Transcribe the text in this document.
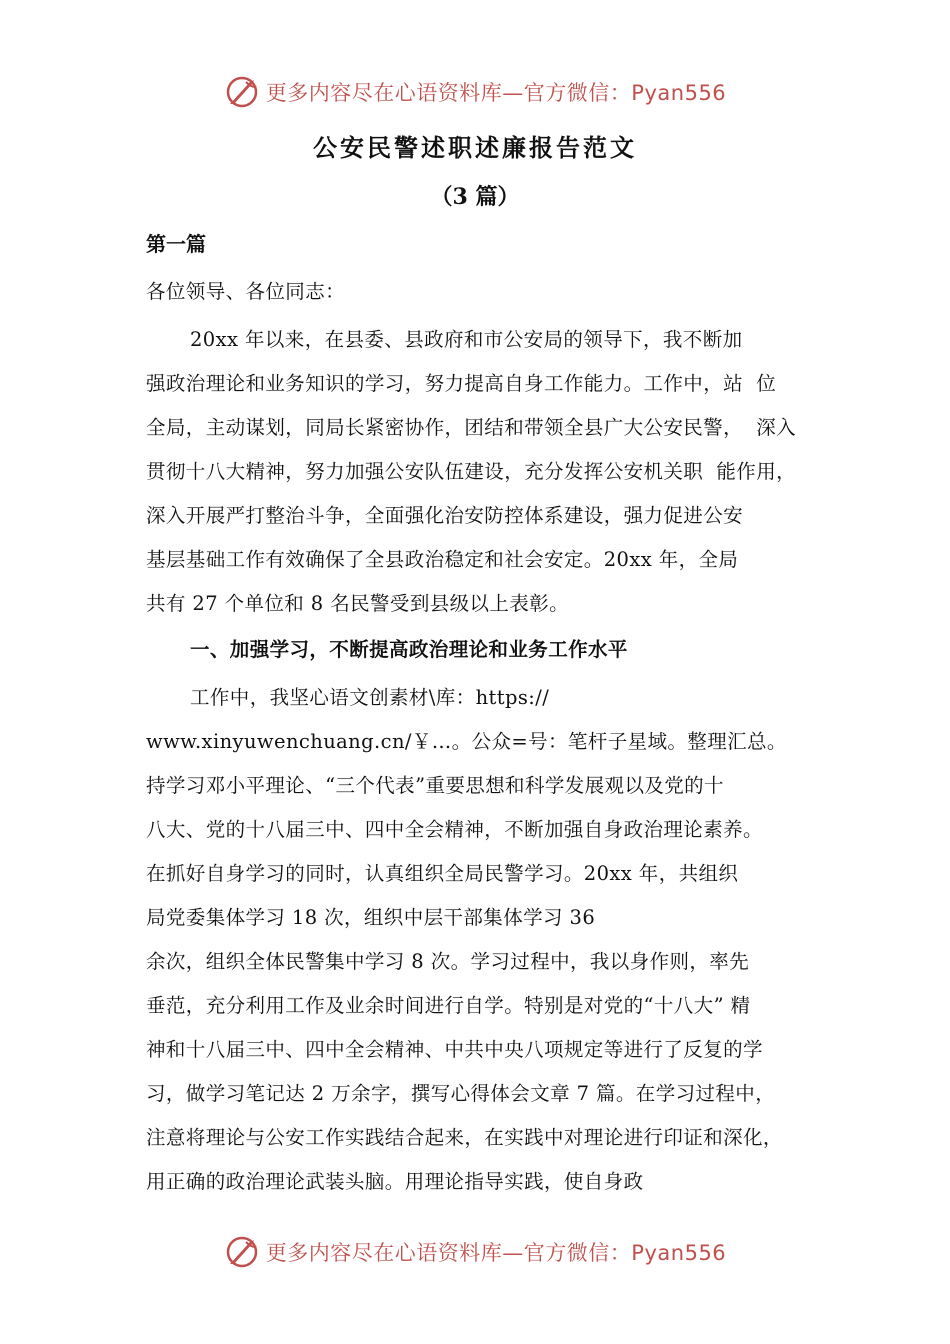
更多内容尽在心语资料库—官方微信：Pyan556
公安民警述职述廉报告范文
（3 篇）
第一篇
各位领导、各位同志：
20xx 年以来，在县委、县政府和市公安局的领导下，我不断加
强政治理论和业务知识的学习，努力提高自身工作能力。工作中，站  位
全局，主动谋划，同局长紧密协作，团结和带领全县广大公安民警，  深入
贯彻十八大精神，努力加强公安队伍建设，充分发挥公安机关职  能作用，
深入开展严打整治斗争，全面强化治安防控体系建设，强力促进公安
基层基础工作有效确保了全县政治稳定和社会安定。20xx 年，全局
共有 27 个单位和 8 名民警受到县级以上表彰。
一、加强学习，不断提高政治理论和业务工作水平
工作中，我坚心语文创素材\库：https://
www.xinyuwenchuang.cn/￥…。公众=号：笔杆子星域。整理汇总。
持学习邓小平理论、“三个代表”重要思想和科学发展观以及党的十
八大、党的十八届三中、四中全会精神，不断加强自身政治理论素养。
在抓好自身学习的同时，认真组织全局民警学习。20xx 年，共组织
局党委集体学习 18 次，组织中层干部集体学习 36
余次，组织全体民警集中学习 8 次。学习过程中，我以身作则，率先
垂范，充分利用工作及业余时间进行自学。特别是对党的“十八大” 精
神和十八届三中、四中全会精神、中共中央八项规定等进行了反复的学
习，做学习笔记达 2 万余字，撰写心得体会文章 7 篇。在学习过程中，
注意将理论与公安工作实践结合起来，在实践中对理论进行印证和深化，
用正确的政治理论武装头脑。用理论指导实践，使自身政
更多内容尽在心语资料库—官方微信：Pyan556
